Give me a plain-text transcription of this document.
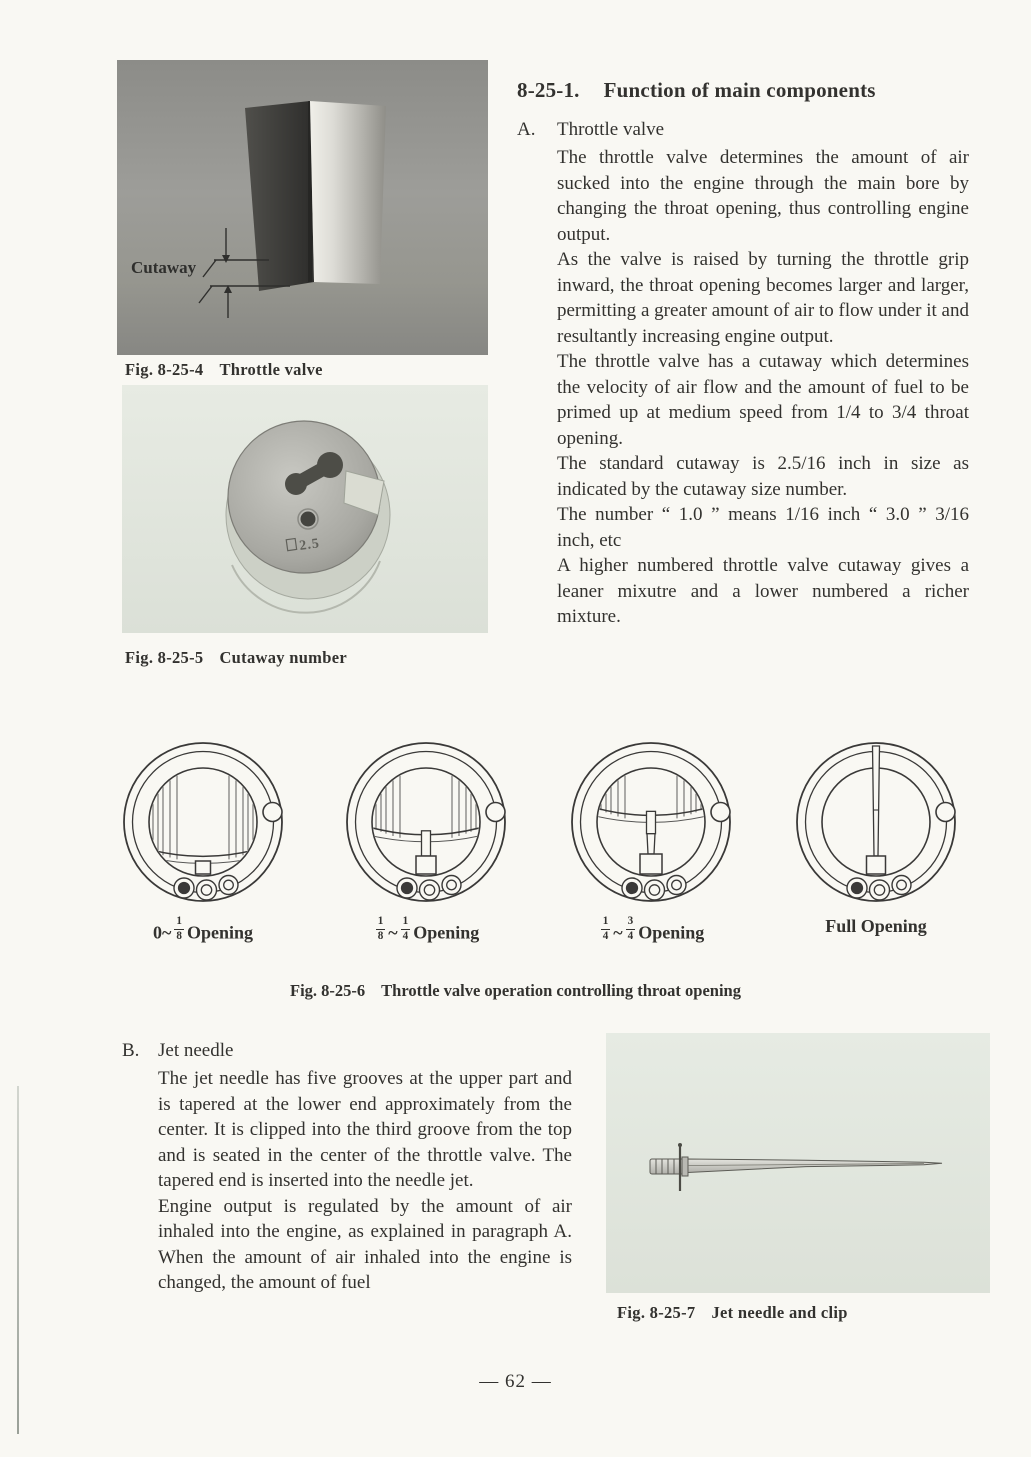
Cutaway
Fig. 8-25-4 Throttle valve
2.5
Fig. 8-25-5 Cutaway number
8-25-1. Function of main components
A. Throttle valve

The throttle valve determines the amount of air sucked into the engine through the main bore by changing the throat opening, thus controlling engine output.

As the valve is raised by turning the throttle grip inward, the throat opening becomes larger and larger, permitting a greater amount of air to flow under it and resultantly increasing engine output.

The throttle valve has a cutaway which determines the velocity of air flow and the amount of fuel to be primed up at medium speed from 1/4 to 3/4 throat opening.

The standard cutaway is 2.5/16 inch in size as indicated by the cutaway size number.

The number “ 1.0 ” means 1/16 inch “ 3.0 ” 3/16 inch, etc

A higher numbered throttle valve cutaway gives a leaner mixutre and a lower numbered a richer mixture.

0~ $\frac{1}{8}$ Opening	$\frac{1}{8}$ ~ $\frac{1}{4}$ Opening	$\frac{1}{4}$ ~ $\frac{3}{4}$ Opening	Full Opening
Fig. 8-25-6 Throttle valve operation controlling throat opening
B. Jet needle

The jet needle has five grooves at the upper part and is tapered at the lower end approximately from the center. It is clipped into the third groove from the top and is seated in the center of the throttle valve. The tapered end is inserted into the needle jet.

Engine output is regulated by the amount of air inhaled into the engine, as explained in paragraph A. When the amount of air inhaled into the engine is changed, the amount of fuel

Fig. 8-25-7 Jet needle and clip
— 62 —
